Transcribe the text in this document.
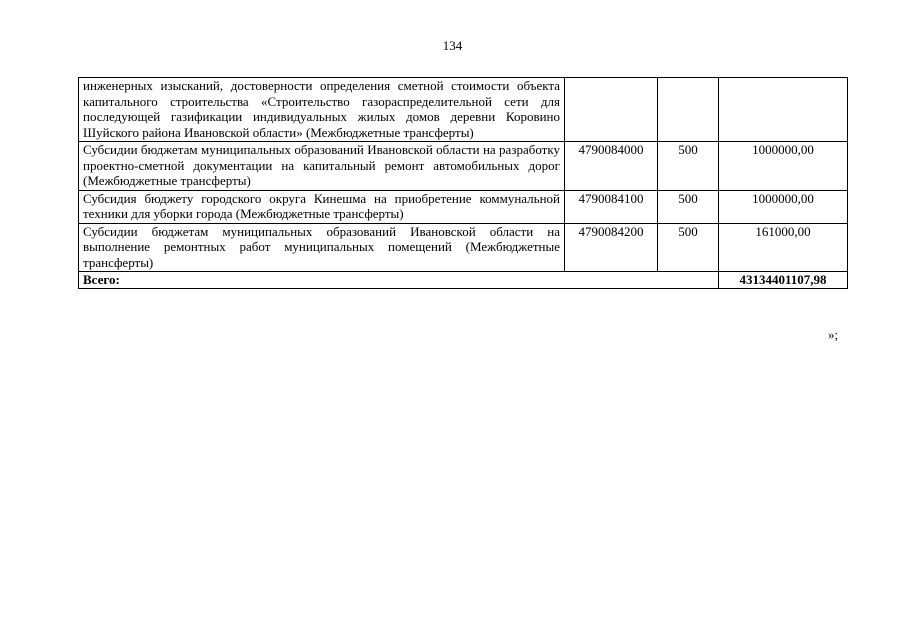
134
инженерных изысканий, достоверности определения сметной стоимости объекта капитального строительства «Строительство газораспределительной сети для последующей газификации индивидуальных жилых домов деревни Коровино Шуйского района Ивановской области» (Межбюджетные трансферты)			
Субсидии бюджетам муниципальных образований Ивановской области на разработку проектно-сметной документации на капитальный ремонт автомобильных дорог (Межбюджетные трансферты)	4790084000	500	1000000,00
Субсидия бюджету городского округа Кинешма на приобретение коммунальной техники для уборки города (Межбюджетные трансферты)	4790084100	500	1000000,00
Субсидии бюджетам муниципальных образований Ивановской области на выполнение ремонтных работ муниципальных помещений (Межбюджетные трансферты)	4790084200	500	161000,00
Всего:			43134401107,98
»;
